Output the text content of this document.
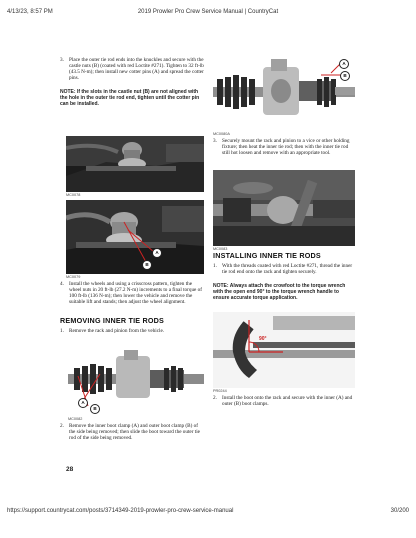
4/13/23, 8:57 PM	2019 Prowler Pro Crew Service Manual | CountryCat
3. Place the outer tie rod ends into the knuckles and secure with the castle nuts (B) (coated with red Loctite #271). Tighten to 32 ft-lb (43.5 N-m); then install new cotter pins (A) and spread the cotter pins.
NOTE: If the slots in the castle nut (B) are not aligned with the hole in the outer tie rod end, tighten until the cotter pin can be installed.
MC0078
A
B
MC0079
4. Install the wheels and using a crisscross pattern, tighten the wheel nuts in 20 ft-lb (27.2 N-m) increments to a final torque of 100 ft-lb (136 N-m); then lower the vehicle and remove the suitable lift and stands; then adjust the wheel alignment.
REMOVING INNER TIE RODS
1. Remove the rack and pinion from the vehicle.
A
B
MC0082
2. Remove the inner boot clamp (A) and outer boot clamp (B) of the side being removed; then slide the boot toward the outer tie rod of the side being removed.
28
A
B
MC0080A
3. Securely mount the rack and pinion to a vice or other holding fixture; then heat the inner tie rod; then with the inner tie rod still hot loosen and remove with an appropriate tool.
MC0083
INSTALLING INNER TIE RODS
1. With the threads coated with red Loctite #271, thread the inner tie rod end onto the rack and tighten securely.
NOTE: Always attach the crowfoot to the torque wrench with the open end 90° to the torque wrench handle to ensure accurate torque application.
90°
PR0244
2. Install the boot onto the rack and secure with the inner (A) and outer (B) boot clamps.
https://support.countrycat.com/posts/3714349-2019-prowler-pro-crew-service-manual	30/200
